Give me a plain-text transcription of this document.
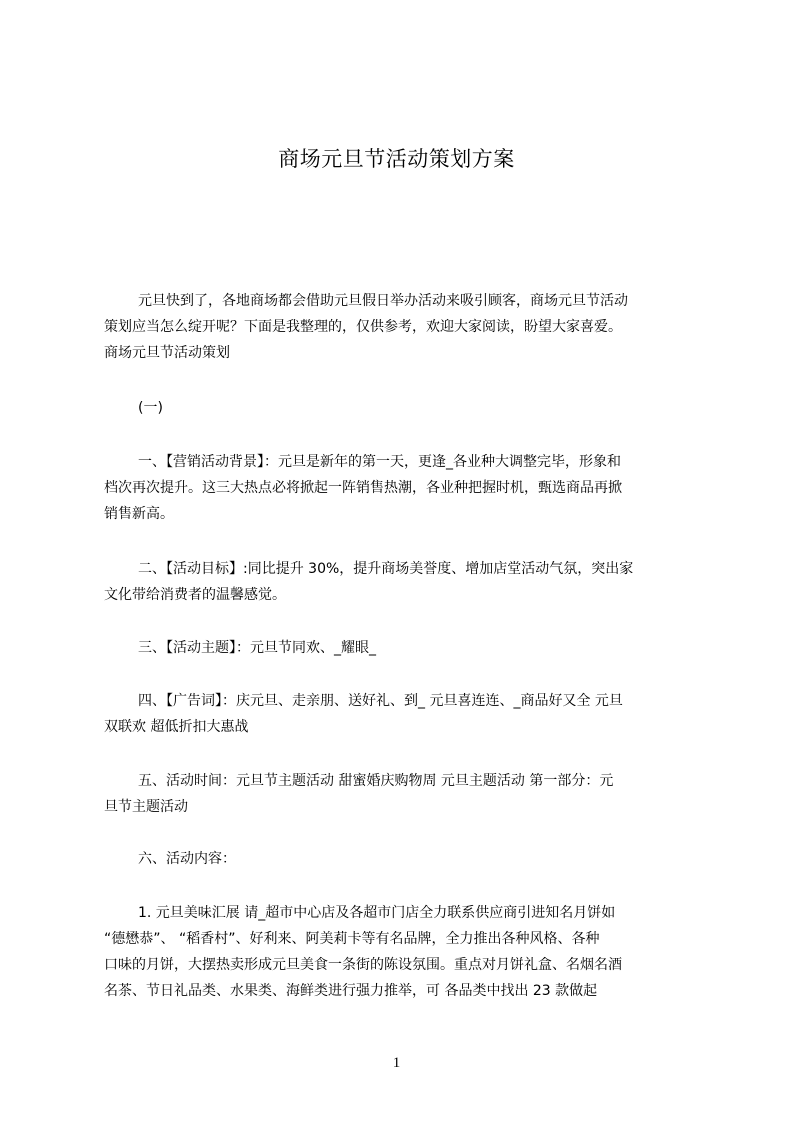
商场元旦节活动策划方案
元旦快到了，各地商场都会借助元旦假日举办活动来吸引顾客，商场元旦节活动
策划应当怎么绽开呢？下面是我整理的，仅供参考，欢迎大家阅读，盼望大家喜爱。
商场元旦节活动策划
(一)
一、【营销活动背景】：元旦是新年的第一天，更逢_各业种大调整完毕，形象和
档次再次提升。这三大热点必将掀起一阵销售热潮，各业种把握时机，甄选商品再掀
销售新高。
二、【活动目标】:同比提升 30%，提升商场美誉度、增加店堂活动气氛，突出家
文化带给消费者的温馨感觉。
三、【活动主题】：元旦节同欢、_耀眼_
四、【广告词】：庆元旦、走亲朋、送好礼、到_ 元旦喜连连、_商品好又全 元旦
双联欢 超低折扣大惠战
五、活动时间：元旦节主题活动 甜蜜婚庆购物周 元旦主题活动 第一部分：元
旦节主题活动
六、活动内容：
1. 元旦美味汇展 请_超市中心店及各超市门店全力联系供应商引进知名月饼如
“德懋恭”、 “稻香村”、好利来、阿美莉卡等有名品牌，全力推出各种风格、各种
口味的月饼，大摆热卖形成元旦美食一条街的陈设氛围。重点对月饼礼盒、名烟名酒
名茶、节日礼品类、水果类、海鲜类进行强力推举，可 各品类中找出 23 款做起
1
